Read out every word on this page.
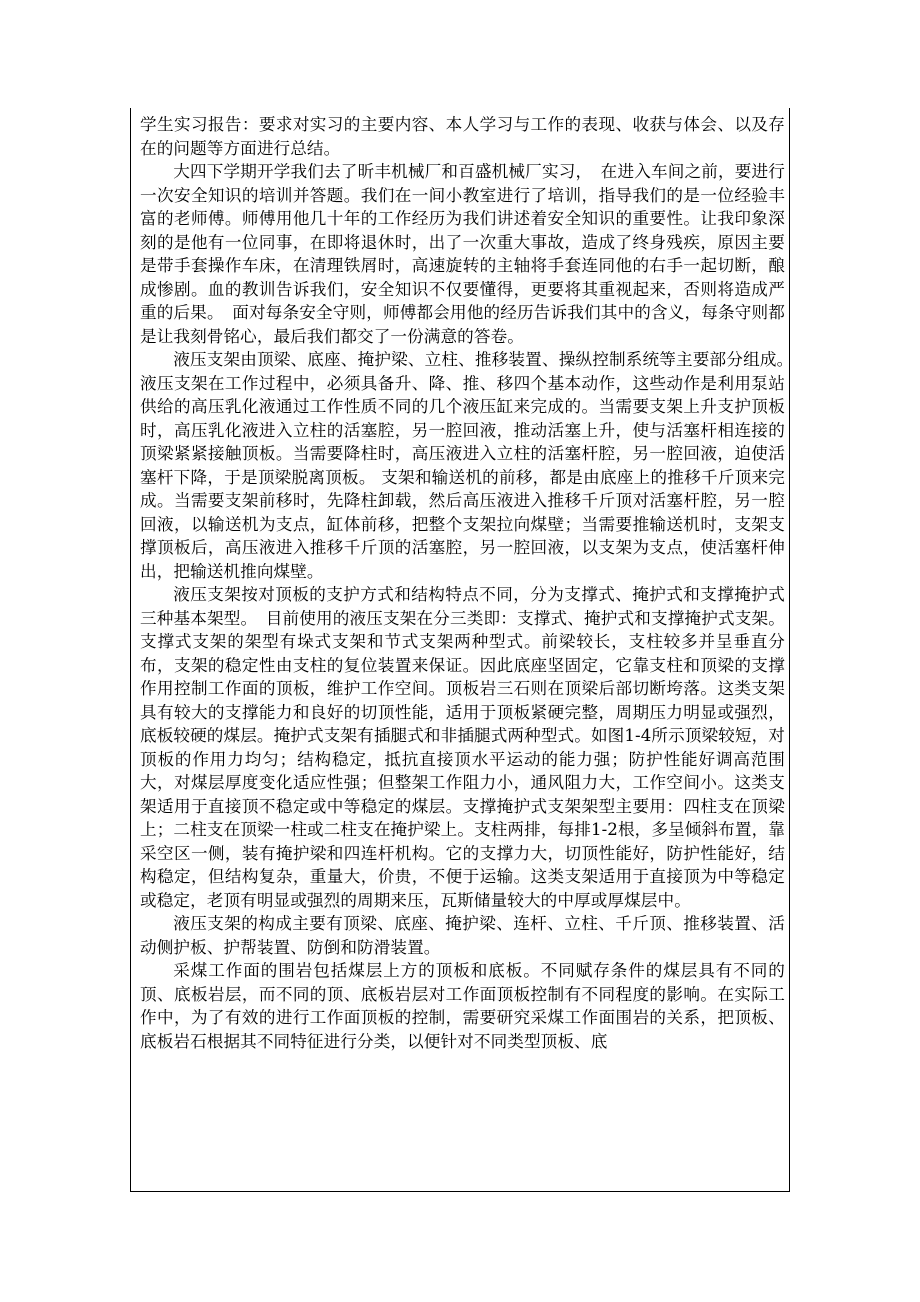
学生实习报告：要求对实习的主要内容、本人学习与工作的表现、收获与体会、以及存在的问题等方面进行总结。

大四下学期开学我们去了昕丰机械厂和百盛机械厂实习，　在进入车间之前，要进行一次安全知识的培训并答题。我们在一间小教室进行了培训，指导我们的是一位经验丰富的老师傅。师傅用他几十年的工作经历为我们讲述着安全知识的重要性。让我印象深刻的是他有一位同事，在即将退休时，出了一次重大事故，造成了终身残疾，原因主要是带手套操作车床，在清理铁屑时，高速旋转的主轴将手套连同他的右手一起切断，酿成惨剧。血的教训告诉我们，安全知识不仅要懂得，更要将其重视起来，否则将造成严重的后果。　面对每条安全守则，师傅都会用他的经历告诉我们其中的含义，每条守则都是让我刻骨铭心，最后我们都交了一份满意的答卷。

液压支架由顶梁、底座、掩护梁、立柱、推移装置、操纵控制系统等主要部分组成。　液压支架在工作过程中，必须具备升、降、推、移四个基本动作，这些动作是利用泵站供给的高压乳化液通过工作性质不同的几个液压缸来完成的。当需要支架上升支护顶板时，高压乳化液进入立柱的活塞腔，另一腔回液，推动活塞上升，使与活塞杆相连接的顶梁紧紧接触顶板。当需要降柱时，高压液进入立柱的活塞杆腔，另一腔回液，迫使活塞杆下降，于是顶梁脱离顶板。 支架和输送机的前移，都是由底座上的推移千斤顶来完成。当需要支架前移时，先降柱卸载，然后高压液进入推移千斤顶对活塞杆腔，另一腔回液，以输送机为支点，缸体前移，把整个支架拉向煤壁；当需要推输送机时，支架支撑顶板后，高压液进入推移千斤顶的活塞腔，另一腔回液，以支架为支点，使活塞杆伸出，把输送机推向煤壁。

液压支架按对顶板的支护方式和结构特点不同，分为支撑式、掩护式和支撑掩护式三种基本架型。　目前使用的液压支架在分三类即：支撑式、掩护式和支撑掩护式支架。支撑式支架的架型有垛式支架和节式支架两种型式。前梁较长，支柱较多并呈垂直分布，支架的稳定性由支柱的复位装置来保证。因此底座坚固定，它靠支柱和顶梁的支撑作用控制工作面的顶板，维护工作空间。顶板岩三石则在顶梁后部切断垮落。这类支架具有较大的支撑能力和良好的切顶性能，适用于顶板紧硬完整，周期压力明显或强烈，底板较硬的煤层。掩护式支架有插腿式和非插腿式两种型式。如图1-4所示顶梁较短，对顶板的作用力均匀；结构稳定，抵抗直接顶水平运动的能力强；防护性能好调高范围大，对煤层厚度变化适应性强；但整架工作阻力小，通风阻力大，工作空间小。这类支架适用于直接顶不稳定或中等稳定的煤层。支撑掩护式支架架型主要用：四柱支在顶梁上；二柱支在顶梁一柱或二柱支在掩护梁上。支柱两排，每排1-2根，多呈倾斜布置，靠采空区一侧，装有掩护梁和四连杆机构。它的支撑力大，切顶性能好，防护性能好，结构稳定，但结构复杂，重量大，价贵，不便于运输。这类支架适用于直接顶为中等稳定或稳定，老顶有明显或强烈的周期来压，瓦斯储量较大的中厚或厚煤层中。

液压支架的构成主要有顶梁、底座、掩护梁、连杆、立柱、千斤顶、推移装置、活动侧护板、护帮装置、防倒和防滑装置。

采煤工作面的围岩包括煤层上方的顶板和底板。不同赋存条件的煤层具有不同的顶、底板岩层，而不同的顶、底板岩层对工作面顶板控制有不同程度的影响。在实际工作中，为了有效的进行工作面顶板的控制，需要研究采煤工作面围岩的关系，把顶板、底板岩石根据其不同特征进行分类，以便针对不同类型顶板、底
